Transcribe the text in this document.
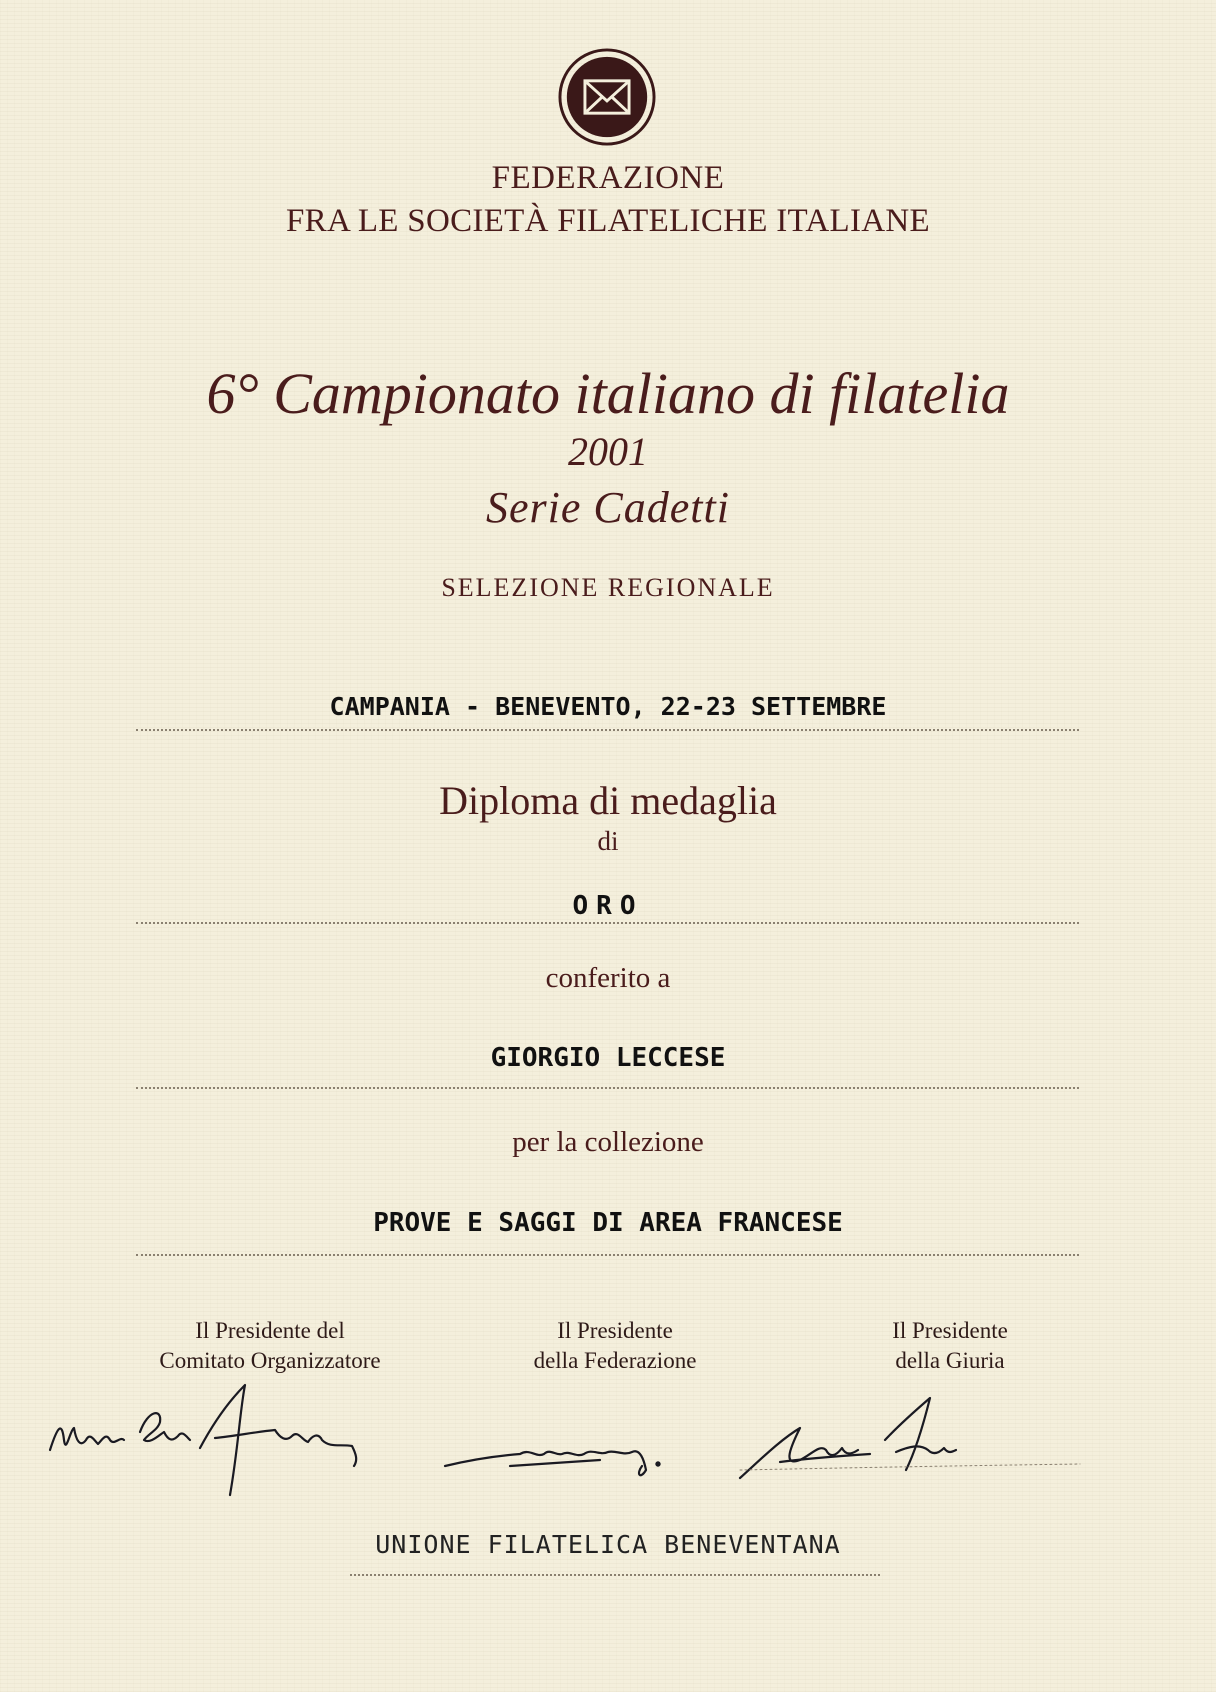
FEDERAZIONE
FRA LE SOCIETÀ FILATELICHE ITALIANE
6° Campionato italiano di filatelia
2001
Serie Cadetti
SELEZIONE REGIONALE
CAMPANIA - BENEVENTO, 22-23 SETTEMBRE
Diploma di medaglia
di
ORO
conferito a
GIORGIO LECCESE
per la collezione
PROVE E SAGGI DI AREA FRANCESE
Il Presidente del
Comitato Organizzatore
Il Presidente
della Federazione
Il Presidente
della Giuria
UNIONE FILATELICA BENEVENTANA
